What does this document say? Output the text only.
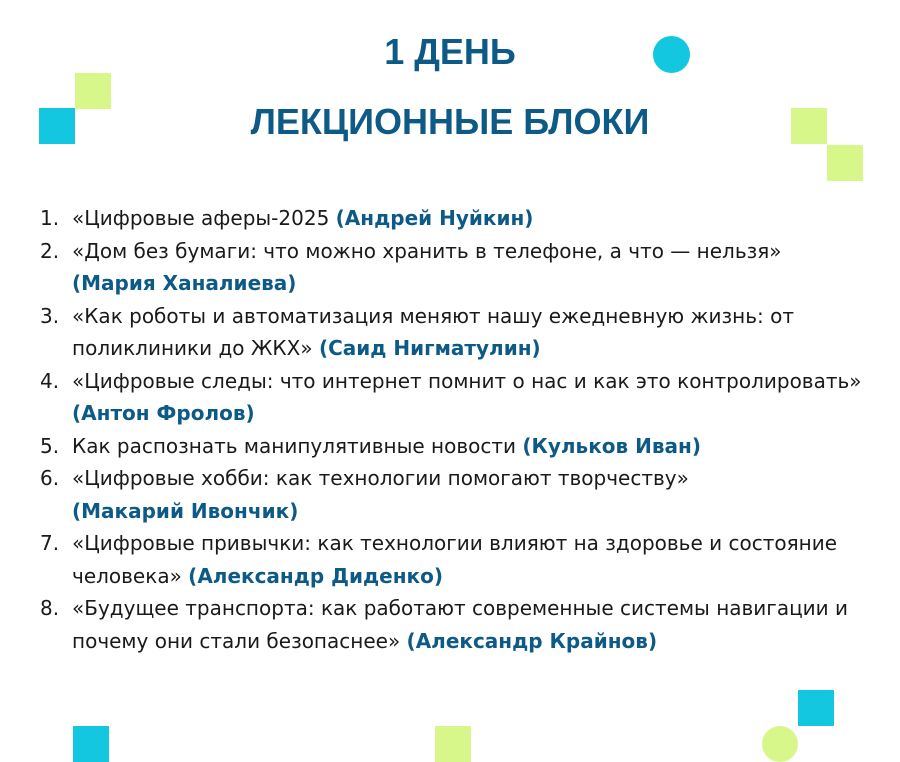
1 ДЕНЬ
ЛЕКЦИОННЫЕ БЛОКИ
1. «Цифровые аферы-2025 (Андрей Нуйкин)
2. «Дом без бумаги: что можно хранить в телефоне, а что — нельзя»
(Мария Ханалиева)
3. «Как роботы и автоматизация меняют нашу ежедневную жизнь: от поликлиники до ЖКХ» (Саид Нигматулин)
4. «Цифровые следы: что интернет помнит о нас и как это контролировать» (Антон Фролов)
5. Как распознать манипулятивные новости (Кульков Иван)
6. «Цифровые хобби: как технологии помогают творчеству»
(Макарий Ивончик)
7. «Цифровые привычки: как технологии влияют на здоровье и состояние человека» (Александр Диденко)
8. «Будущее транспорта: как работают современные системы навигации и почему они стали безопаснее» (Александр Крайнов)
